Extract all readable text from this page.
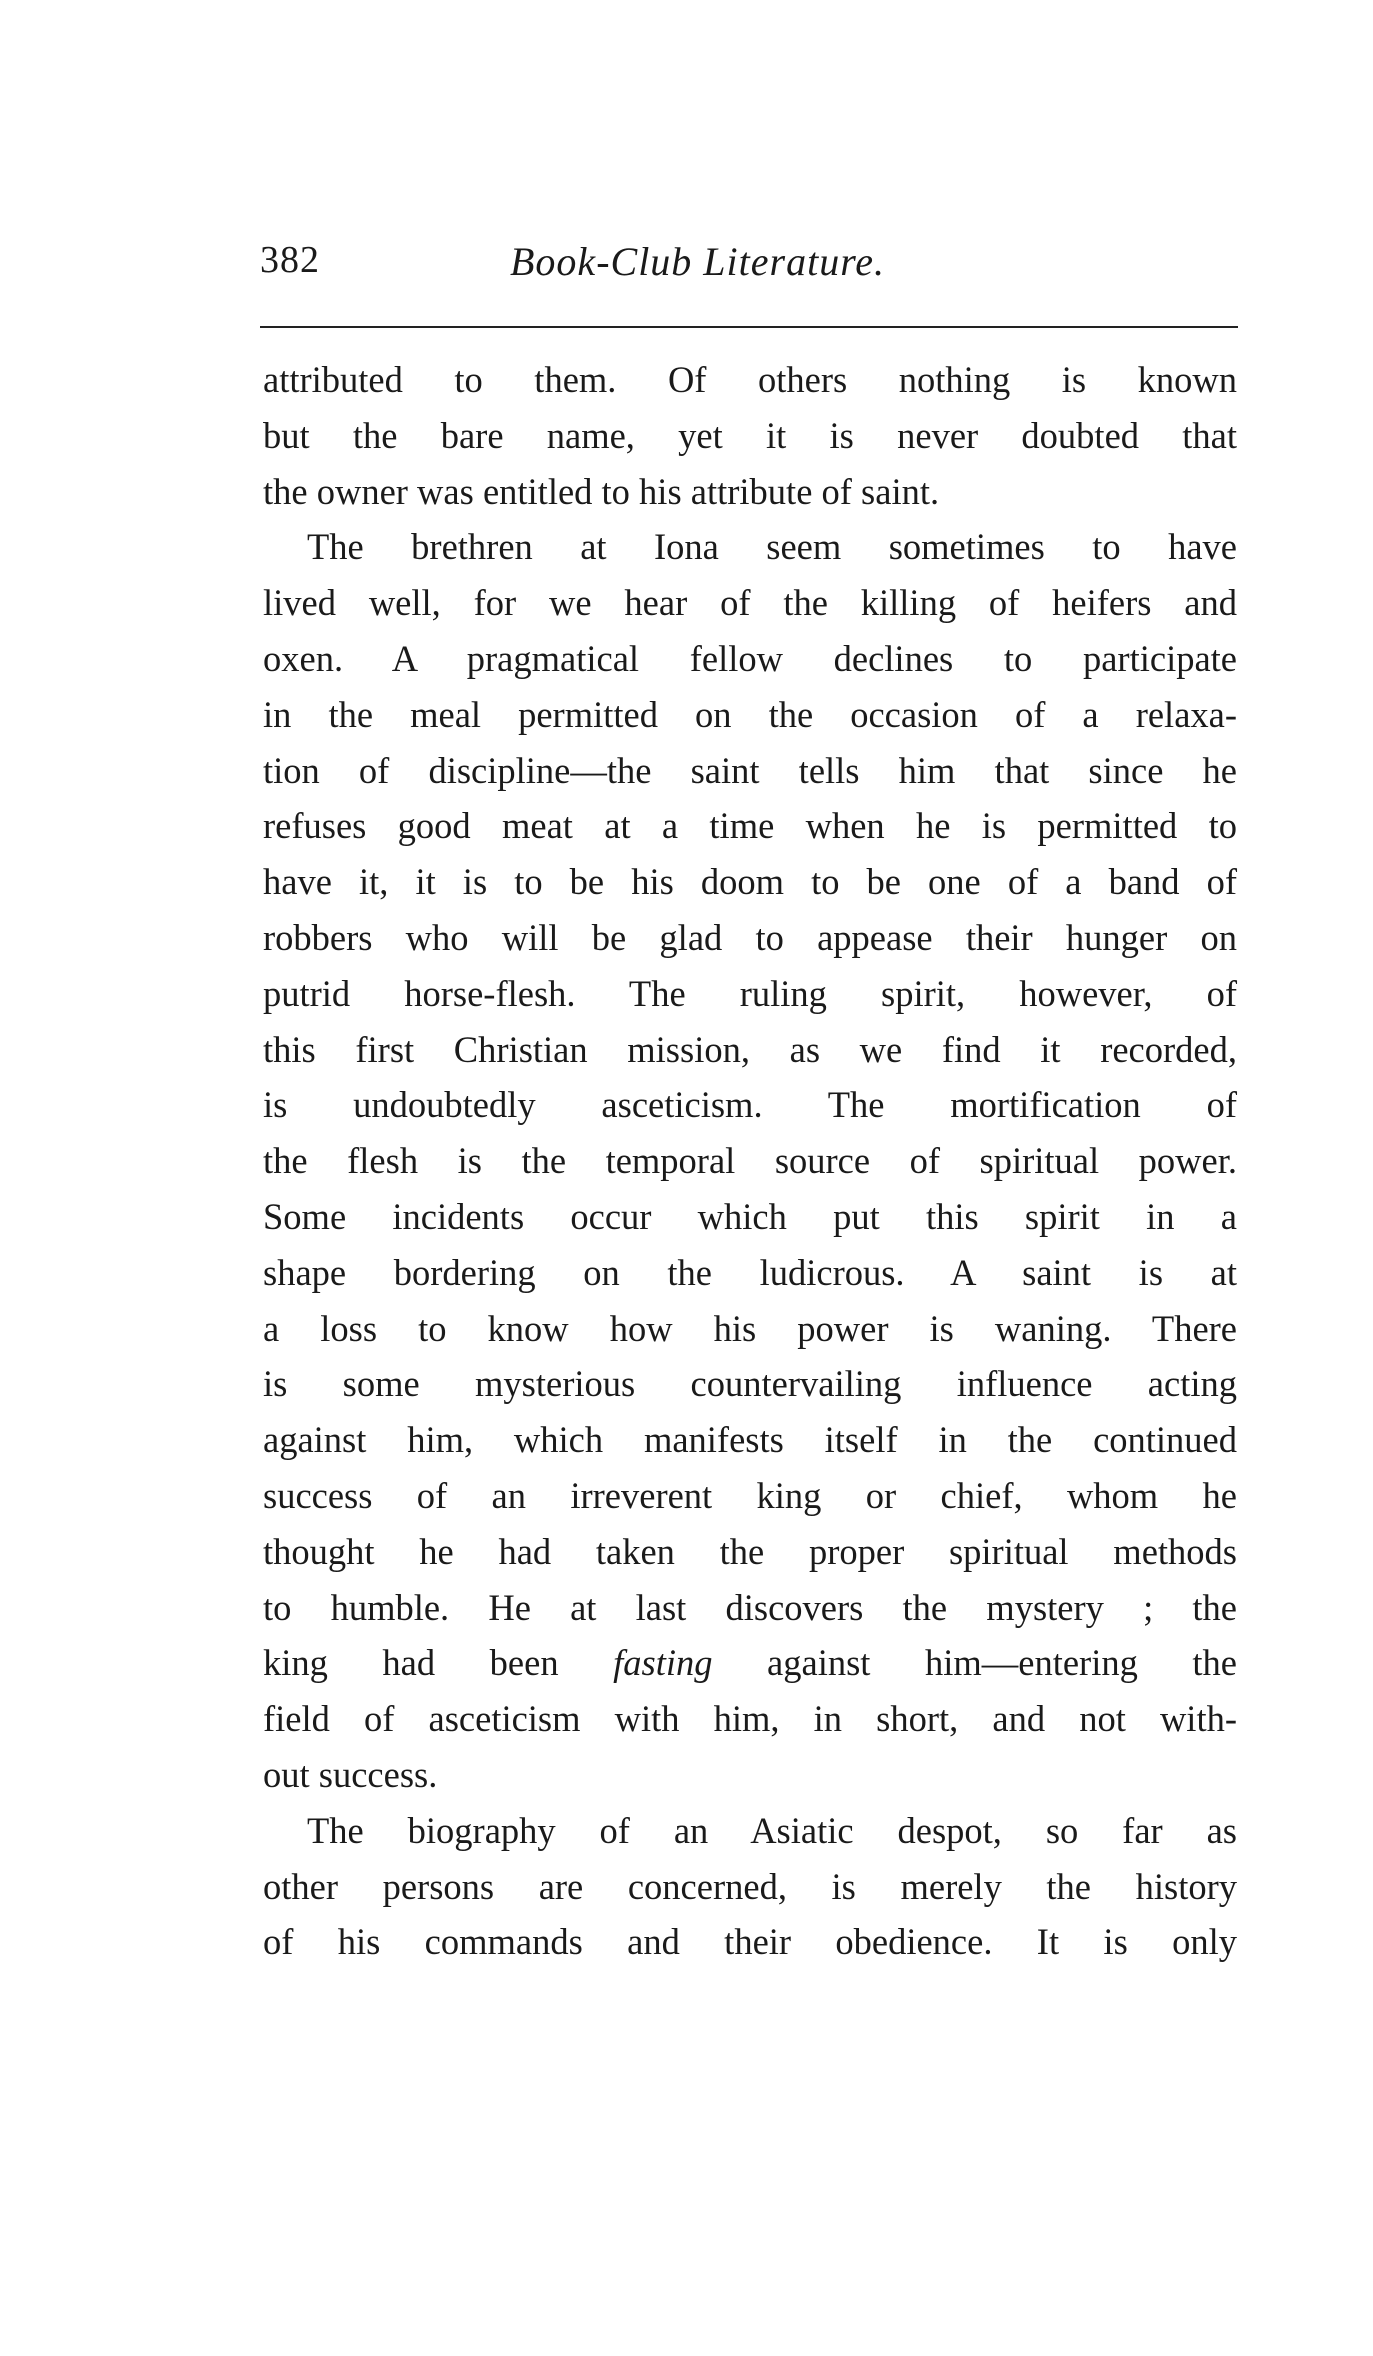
382	Book-Club Literature.
attributed to them. Of others nothing is known
but the bare name, yet it is never doubted that
the owner was entitled to his attribute of saint.
The brethren at Iona seem sometimes to have
lived well, for we hear of the killing of heifers and
oxen. A pragmatical fellow declines to participate
in the meal permitted on the occasion of a relaxa-
tion of discipline—the saint tells him that since he
refuses good meat at a time when he is permitted to
have it, it is to be his doom to be one of a band of
robbers who will be glad to appease their hunger on
putrid horse-flesh. The ruling spirit, however, of
this first Christian mission, as we find it recorded,
is undoubtedly asceticism. The mortification of
the flesh is the temporal source of spiritual power.
Some incidents occur which put this spirit in a
shape bordering on the ludicrous. A saint is at
a loss to know how his power is waning. There
is some mysterious countervailing influence acting
against him, which manifests itself in the continued
success of an irreverent king or chief, whom he
thought he had taken the proper spiritual methods
to humble. He at last discovers the mystery ; the
king had been fasting against him—entering the
field of asceticism with him, in short, and not with-
out success.
The biography of an Asiatic despot, so far as
other persons are concerned, is merely the history
of his commands and their obedience. It is only
